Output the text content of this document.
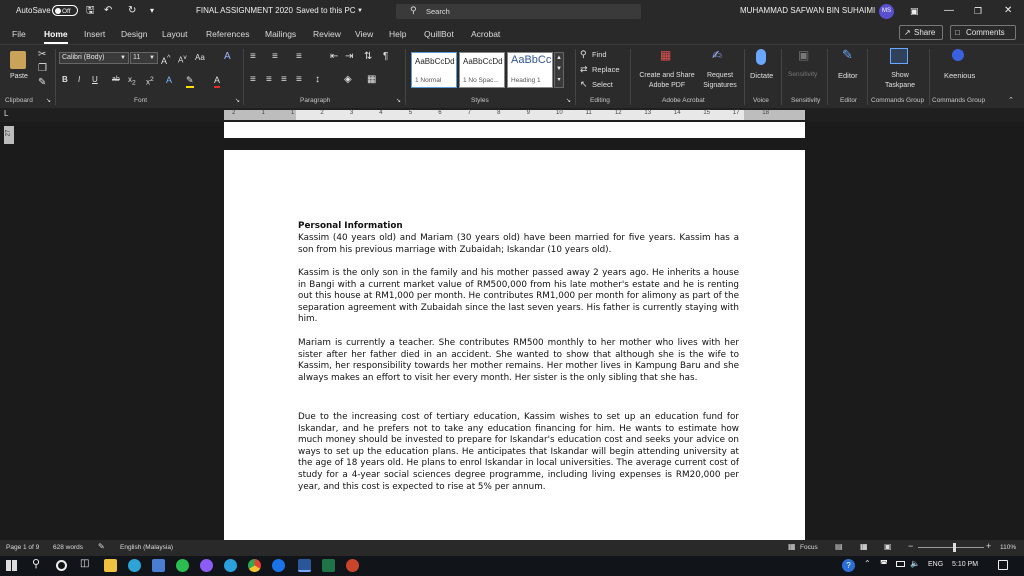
AutoSave	Off	🖫 ↶ ↻ ▾	FINAL ASSIGNMENT 2020 Saved to this PC ▼	⚲ Search	MUHAMMAD SAFWAN BIN SUHAIMI	MS	▣	— ❐ ✕
File Home Insert Design Layout References Mailings Review View Help QuillBot Acrobat	↗ Share □ Comments
Paste
✂
❐
✎
Clipboard ↘
Calibri (Body)	▼	11 ▼ A^ $A^v$ Aa A
B I U ab $x_2$ $x^2$ A ✎ A
Font	↘
≡ ≡ ≡	⇤ ⇥ ⇅ ¶
≡ ≡ ≡ ≡ ↕ ◈ ▦
Paragraph	↘
AaBbCcDd
1 Normal
AaBbCcDd
1 No Spac...
AaBbCc
Heading 1
▲
▼
▾
Styles	↘
⚲ Find
⇄ Replace
↖ Select
Editing
▦
Create and Share Adobe PDF
✍
Request Signatures
Adobe Acrobat
Dictate
Voice
▣
Sensitivity
Sensitivity
✎
Editor
Editor
Show Taskpane
Commands Group
Keenious
Commands Group	⌃
L	2	1	1	2	3	4	5	6	7	8	9	10	11	12	13	14	15	17	18
27
Personal Information

Kassim (40 years old) and Mariam (30 years old) have been married for five years. Kassim has a son from his previous marriage with Zubaidah; Iskandar (10 years old).

Kassim is the only son in the family and his mother passed away 2 years ago. He inherits a house in Bangi with a current market value of RM500,000 from his late mother's estate and he is renting out this house at RM1,000 per month. He contributes RM1,000 per month for alimony as part of the separation agreement with Zubaidah since the last seven years. His father is currently staying with him.

Mariam is currently a teacher. She contributes RM500 monthly to her mother who lives with her sister after her father died in an accident. She wanted to show that although she is the wife to Kassim, her responsibility towards her mother remains. Her mother lives in Kampung Baru and she always makes an effort to visit her every month. Her sister is the only sibling that she has.

Due to the increasing cost of tertiary education, Kassim wishes to set up an education fund for Iskandar, and he prefers not to take any education financing for him. He wants to estimate how much money should be invested to prepare for Iskandar's education cost and seeks your advice on ways to set up the education plans. He anticipates that Iskandar will begin attending university at the age of 18 years old. He plans to enrol Iskandar in local universities. The average current cost of study for a 4-year social sciences degree programme, including living expenses is RM20,000 per year, and this cost is expected to rise at 5% per annum.

Page 1 of 9 628 words ✎ English (Malaysia)	▦ Focus ▤ ▦ ▣ −	+ 110%
⚲	◫	?	⌃ ◚	🔈 ENG 5:10 PM
